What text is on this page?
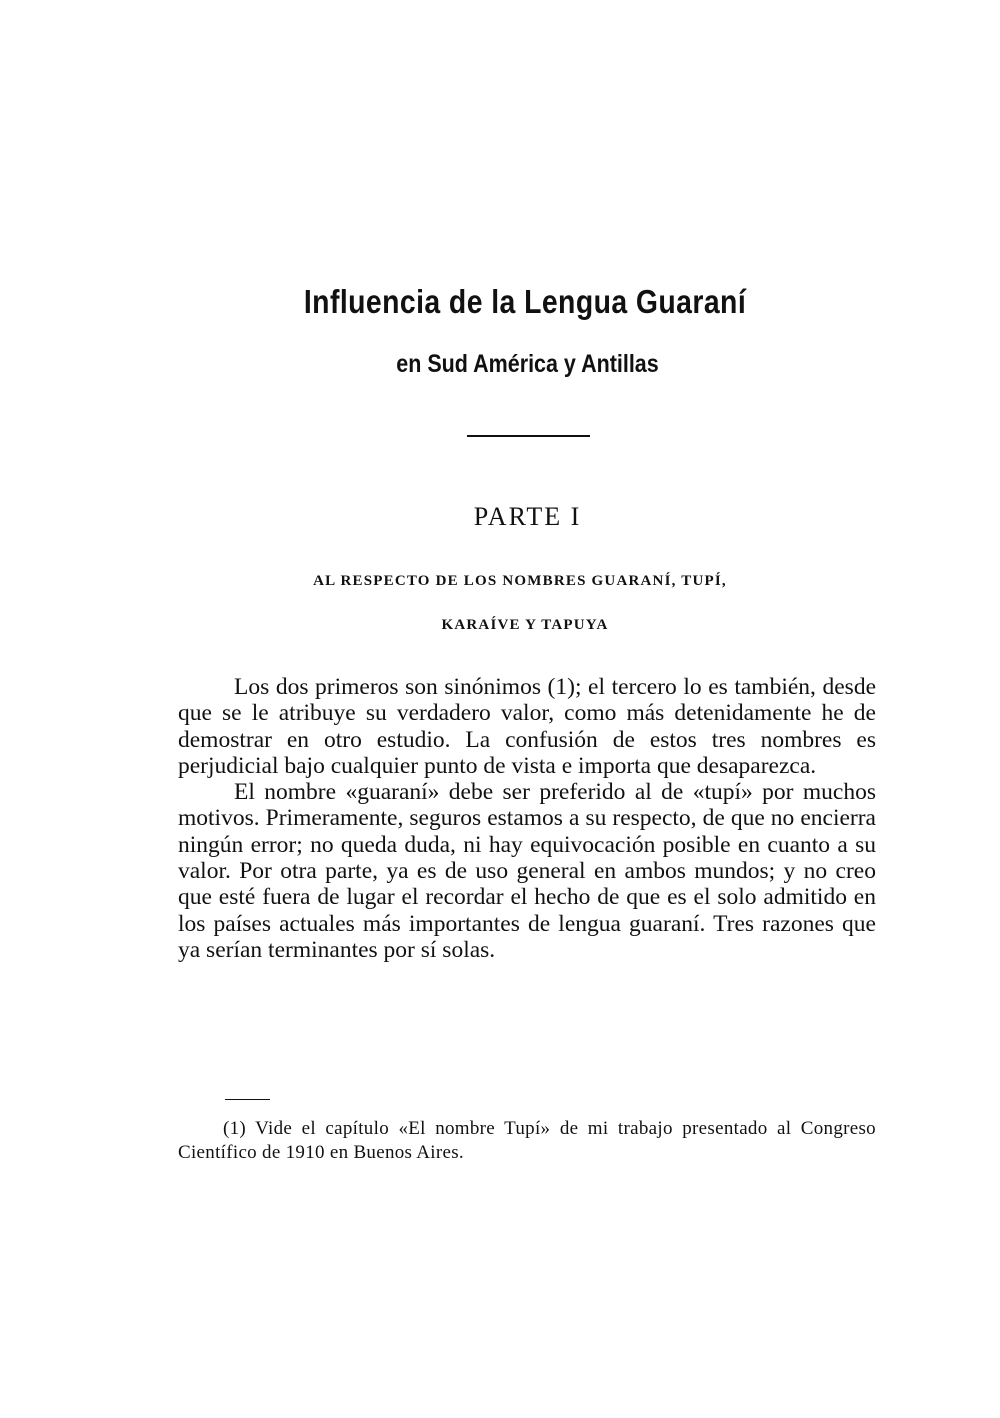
Influencia de la Lengua Guaraní
en Sud América y Antillas
PARTE I
AL RESPECTO DE LOS NOMBRES GUARANÍ, TUPÍ,
KARAÍVE Y TAPUYA

Los dos primeros son sinónimos (1); el tercero lo es también, desde que se le atribuye su verdadero valor, como más detenidamente he de demostrar en otro estudio. La confusión de estos tres nombres es perjudicial bajo cualquier punto de vista e importa que desaparezca.

El nombre «guaraní» debe ser preferido al de «tupí» por muchos motivos. Primeramente, seguros estamos a su respecto, de que no encierra ningún error; no queda duda, ni hay equivocación posible en cuanto a su valor. Por otra parte, ya es de uso general en ambos mundos; y no creo que esté fuera de lugar el recordar el hecho de que es el solo admitido en los países actuales más importantes de lengua guaraní. Tres razones que ya serían terminantes por sí solas.

(1) Vide el capítulo «El nombre Tupí» de mi trabajo presentado al Congreso Científico de 1910 en Buenos Aires.
